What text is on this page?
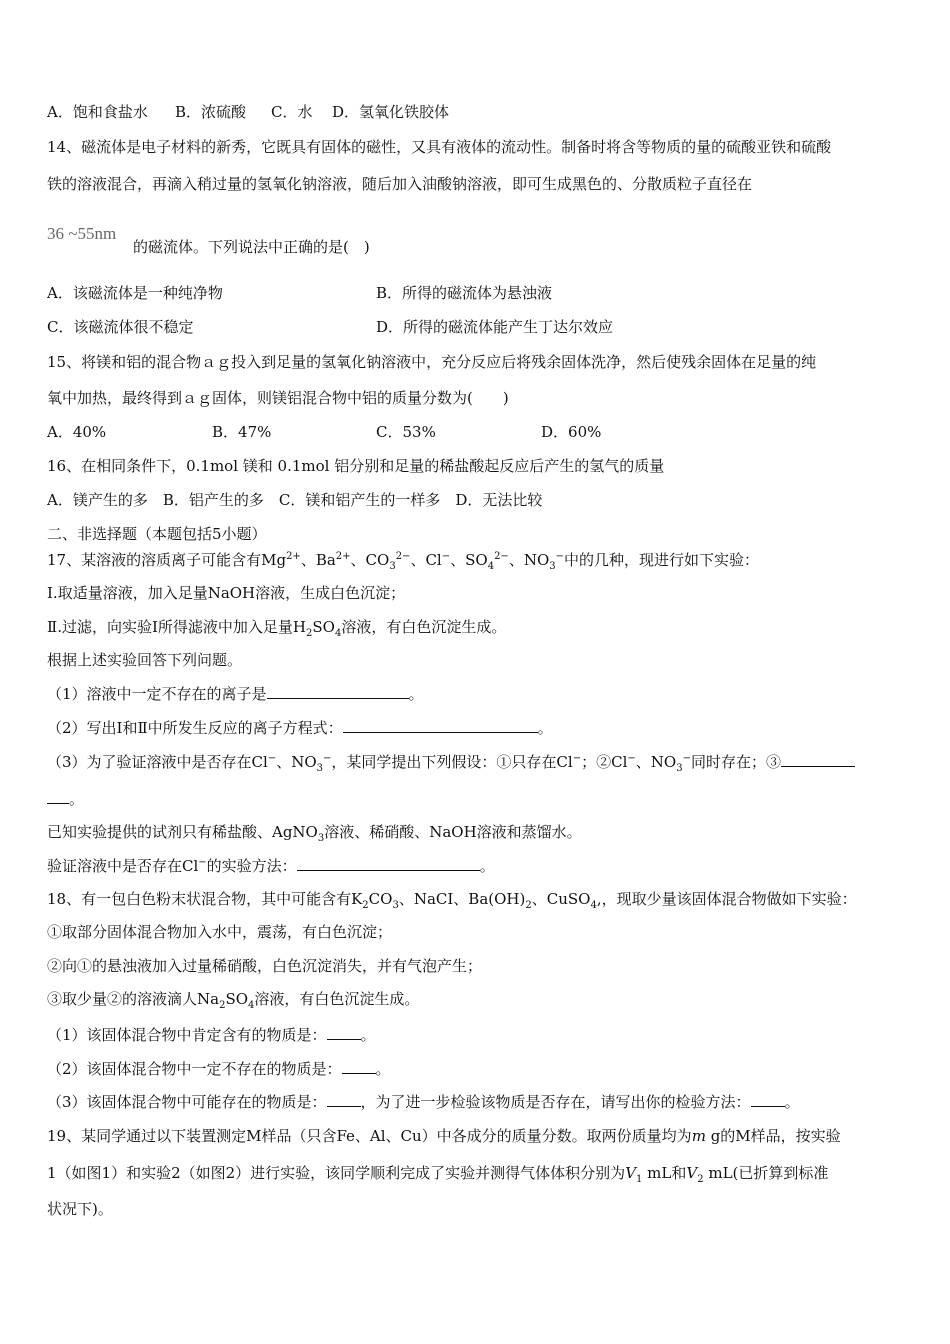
A．饱和食盐水 B．浓硫酸 C．水 D．氢氧化铁胶体
14、磁流体是电子材料的新秀，它既具有固体的磁性，又具有液体的流动性。制备时将含等物质的量的硫酸亚铁和硫酸
铁的溶液混合，再滴入稍过量的氢氧化钠溶液，随后加入油酸钠溶液，即可生成黑色的、分散质粒子直径在
36 ~55nm
的磁流体。下列说法中正确的是(　)
A．该磁流体是一种纯净物	B．所得的磁流体为悬浊液
C．该磁流体很不稳定	D．所得的磁流体能产生丁达尔效应
15、将镁和铝的混合物ａｇ投入到足量的氢氧化钠溶液中，充分反应后将残余固体洗净，然后使残余固体在足量的纯
氧中加热，最终得到ａｇ固体，则镁铝混合物中铝的质量分数为(　　)
A．40%	B．47%	C．53%	D．60%
16、在相同条件下，0.1mol 镁和 0.1mol 铝分别和足量的稀盐酸起反应后产生的氢气的质量
A．镁产生的多　B．铝产生的多　C．镁和铝产生的一样多　D．无法比较
二、非选择题（本题包括5小题）
17、某溶液的溶质离子可能含有$Mg^{2+}$、$Ba^{2+}$、$CO_3^{2-}$、Cl−、$SO_4^{2-}$、$NO_3^-$中的几种，现进行如下实验：
Ⅰ.取适量溶液，加入足量NaOH溶液，生成白色沉淀；
Ⅱ.过滤，向实验Ⅰ所得滤液中加入足量$H_2SO_4$溶液，有白色沉淀生成。
根据上述实验回答下列问题。
（1）溶液中一定不存在的离子是	。
（2）写出Ⅰ和Ⅱ中所发生反应的离子方程式：	。
（3）为了验证溶液中是否存在Cl−、$NO_3^-$，某同学提出下列假设：①只存在Cl−；②Cl−、$NO_3^-$同时存在；③
。
已知实验提供的试剂只有稀盐酸、AgNO$_3$溶液、稀硝酸、NaOH溶液和蒸馏水。
验证溶液中是否存在Cl−的实验方法：	。
18、有一包白色粉末状混合物，其中可能含有$K_2CO_3$、NaCI、$Ba(OH)_2$、CuSO$_4$,，现取少量该固体混合物做如下实验：
①取部分固体混合物加入水中，震荡，有白色沉淀；
②向①的悬浊液加入过量稀硝酸，白色沉淀消失，并有气泡产生；
③取少量②的溶液滴人$Na_2SO_4$溶液，有白色沉淀生成。
（1）该固体混合物中肯定含有的物质是： 。
（2）该固体混合物中一定不存在的物质是： 。
（3）该固体混合物中可能存在的物质是： ，为了进一步检验该物质是否存在，请写出你的检验方法： 。
19、某同学通过以下装置测定M样品（只含Fe、Al、Cu）中各成分的质量分数。取两份质量均为m g的M样品，按实验
1（如图1）和实验2（如图2）进行实验，该同学顺利完成了实验并测得气体体积分别为$V_1$ mL和$V_2$ mL(已折算到标准
状况下)。
